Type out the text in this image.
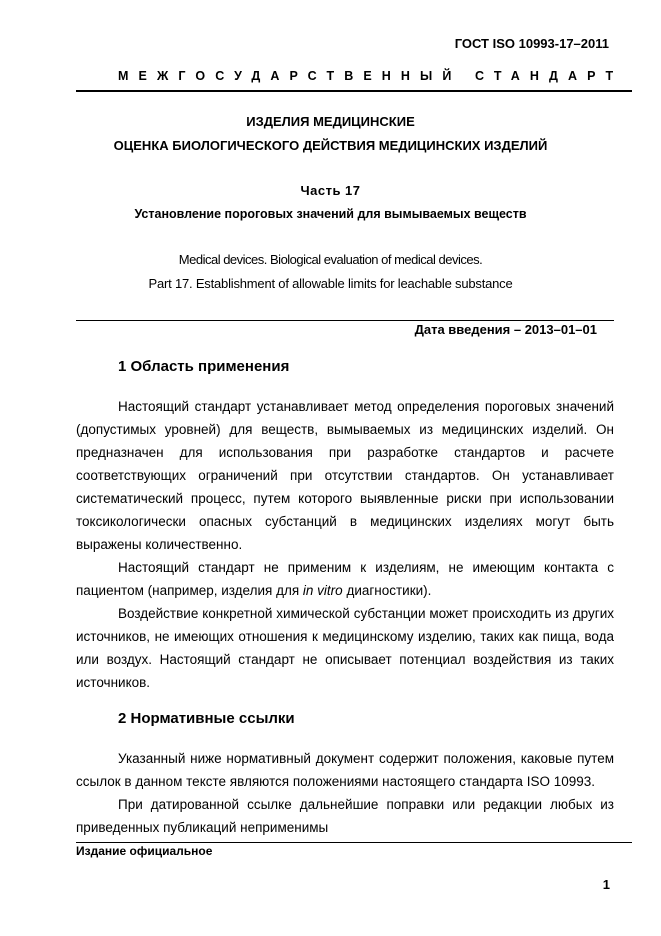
ГОСТ ISO 10993-17–2011
МЕЖГОСУДАРСТВЕННЫЙ СТАНДАРТ
ИЗДЕЛИЯ МЕДИЦИНСКИЕ
ОЦЕНКА БИОЛОГИЧЕСКОГО ДЕЙСТВИЯ МЕДИЦИНСКИХ ИЗДЕЛИЙ
Часть 17
Установление пороговых значений для вымываемых веществ
Medical devices. Biological evaluation of medical devices.
Part 17. Establishment of allowable limits for leachable substance
Дата введения – 2013–01–01
1 Область применения

Настоящий стандарт устанавливает метод определения пороговых значений (допустимых уровней) для веществ, вымываемых из медицинских изделий. Он предназначен для использования при разработке стандартов и расчете соответствующих ограничений при отсутствии стандартов. Он устанавливает систематический процесс, путем которого выявленные риски при использовании токсикологически опасных субстанций в медицинских изделиях могут быть выражены количественно.

Настоящий стандарт не применим к изделиям, не имеющим контакта с пациентом (например, изделия для in vitro диагностики).

Воздействие конкретной химической субстанции может происходить из других источников, не имеющих отношения к медицинскому изделию, таких как пища, вода или воздух. Настоящий стандарт не описывает потенциал воздействия из таких источников.

2 Нормативные ссылки

Указанный ниже нормативный документ содержит положения, каковые путем ссылок в данном тексте являются положениями настоящего стандарта ISO 10993.

При датированной ссылке дальнейшие поправки или редакции любых из приведенных публикаций неприменимы

Издание официальное
1
